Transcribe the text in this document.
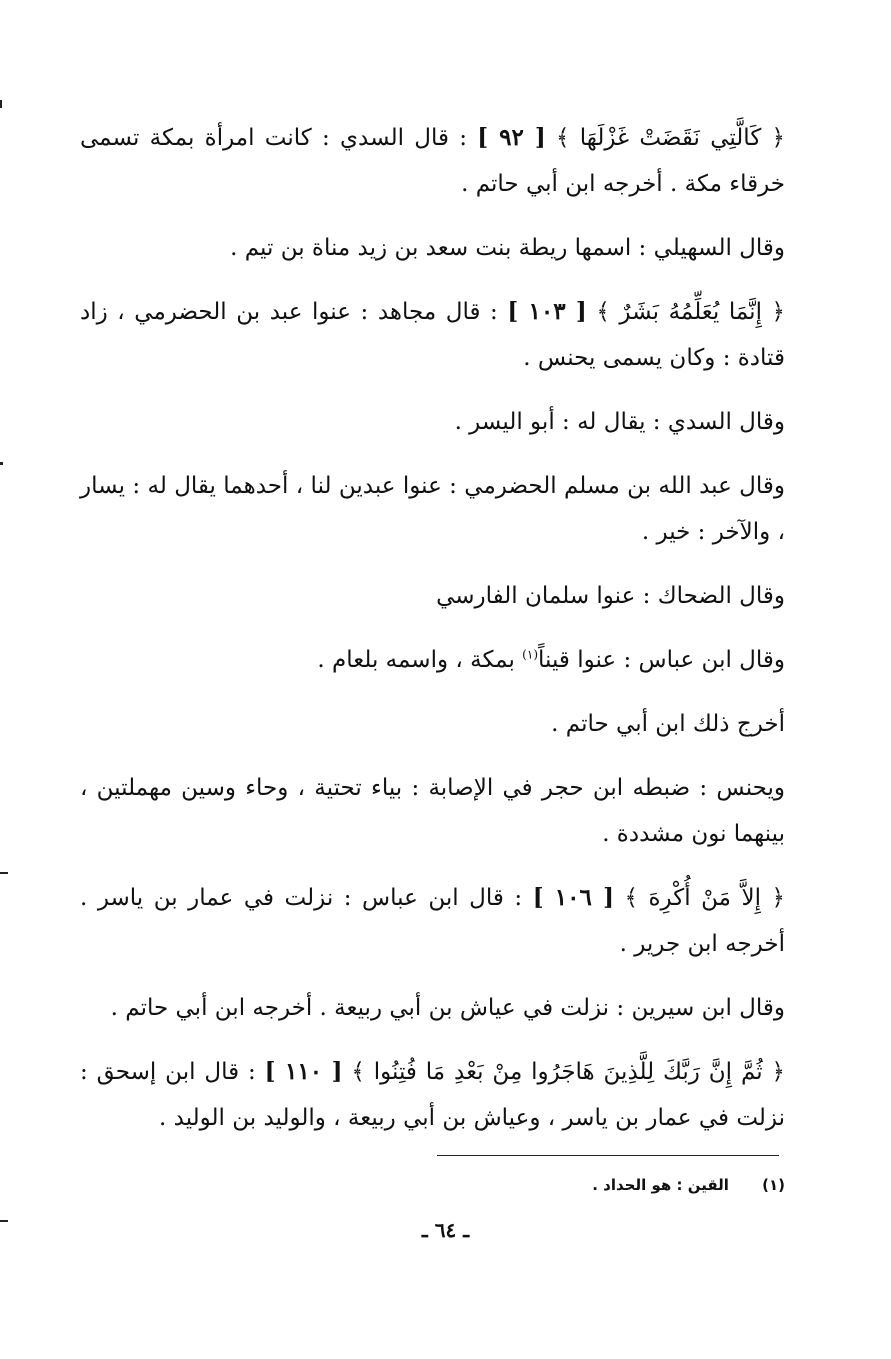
﴿ كَالَّتِي نَقَضَتْ غَزْلَهَا ﴾ [ ٩٢ ] : قال السدي : كانت امرأة بمكة تسمى خرقاء مكة . أخرجه ابن أبي حاتم .

وقال السهيلي : اسمها ريطة بنت سعد بن زيد مناة بن تيم .

﴿ إِنَّمَا يُعَلِّمُهُ بَشَرٌ ﴾ [ ١٠٣ ] : قال مجاهد : عنوا عبد بن الحضرمي ، زاد قتادة : وكان يسمى يحنس .

وقال السدي : يقال له : أبو اليسر .

وقال عبد الله بن مسلم الحضرمي : عنوا عبدين لنا ، أحدهما يقال له : يسار ، والآخر : خير .

وقال الضحاك : عنوا سلمان الفارسي

وقال ابن عباس : عنوا قيناً$^{(١)}$ بمكة ، واسمه بلعام .

أخرج ذلك ابن أبي حاتم .

ويحنس : ضبطه ابن حجر في الإصابة : بياء تحتية ، وحاء وسين مهملتين ، بينهما نون مشددة .

﴿ إِلاَّ مَنْ أُكْرِهَ ﴾ [ ١٠٦ ] : قال ابن عباس : نزلت في عمار بن ياسر . أخرجه ابن جرير .

وقال ابن سيرين : نزلت في عياش بن أبي ربيعة . أخرجه ابن أبي حاتم .

﴿ ثُمَّ إِنَّ رَبَّكَ لِلَّذِينَ هَاجَرُوا مِنْ بَعْدِ مَا فُتِنُوا ﴾ [ ١١٠ ] : قال ابن إسحق : نزلت في عمار بن ياسر ، وعياش بن أبي ربيعة ، والوليد بن الوليد .

(١) القين : هو الحداد .
ـ ٦٤ ـ
